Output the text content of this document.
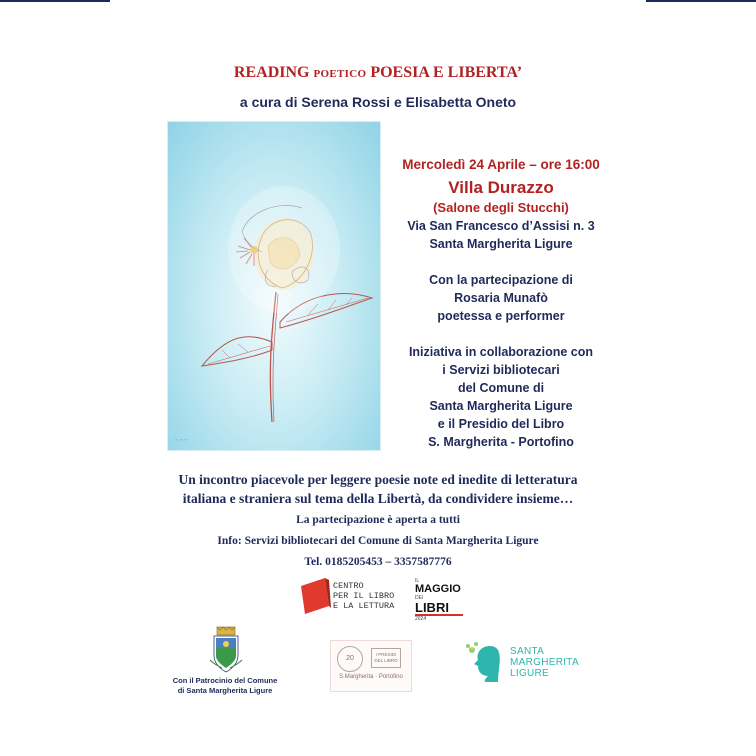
READING POETICO POESIA E LIBERTA’
a cura di Serena Rossi e Elisabetta Oneto
~ ~ ~
Mercoledì 24 Aprile – ore 16:00
Villa Durazzo
(Salone degli Stucchi)
Via San Francesco d’Assisi n. 3
Santa Margherita Ligure
Con la partecipazione di
Rosaria Munafò
poetessa e performer
Iniziativa in collaborazione con
i Servizi bibliotecari
del Comune di
Santa Margherita Ligure
e il Presidio del Libro
S. Margherita - Portofino
Un incontro piacevole per leggere poesie note ed inedite di letteratura
italiana e straniera sul tema della Libertà, da condividere insieme…
La partecipazione è aperta a tutti
Info: Servizi bibliotecari del Comune di Santa Margherita Ligure
Tel. 0185205453 – 3357587776
CENTRO
PER IL LIBRO
E LA LETTURA
IL
MAGGIO
DEI
LIBRI
2024
Con il Patrocinio del Comune
di Santa Margherita Ligure
20
I PRESIDI DEL LIBRO
S.Margherita · Portofino
SANTA
MARGHERITA
LIGURE
